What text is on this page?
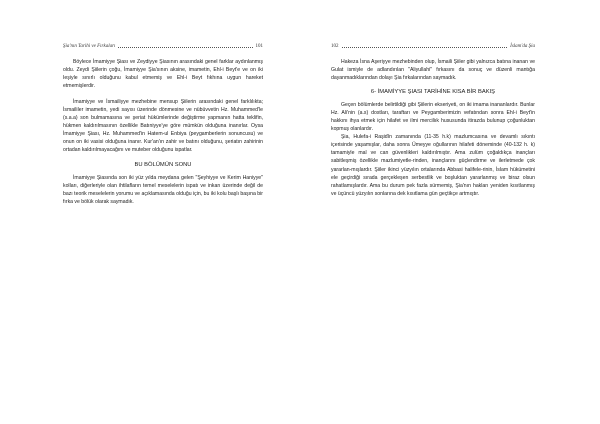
Şia'nın Tarihi ve Fırkaları	101

Böylece İmamiyye Şiası ve Zeydiyye Şiasının arasındaki genel farklar aydınlanmış oldu. Zeydi Şiilerin çoğu, İmamiyye Şia'sının aksine, imametin, Ehl-i Beyt'e ve on iki Ieşiyle sınırlı olduğunu kabul etmemiş ve Ehl-i Beyt fıkhına uygun hareket etmemişlerdir.

İmamiyye ve İsmailiyye mezhebine mensup Şiilerin arasındaki genel farklılıkta; İsmaililer imametin, yedi sayısı üzerinde dönmesine ve nübüvvetin Hz. Muhammed'le (s.a.a) son bulmamasına ve şeriat hükümlerinde değiştirme yapmanın hatta teklifin, hükmen kaldırılmasının özellikle Batıniyye'ye göre mümkün olduğuna inanırlar. Oysa İmamiyye Şiası, Hz. Muhammed'in Hatem-ul Enbiya (peygamberlerin sonuncusu) ve onun on iki vasisi olduğuna inanır. Kur'an'ın zahir ve batını olduğunu, şeriatın zahirinin ortadan kaldırılmayacağını ve muteber olduğunu ispatlar.

BU BÖLÜMÜN SONU

İmamiyye Şiasında son iki yüz yılda meydana gelen "Şeyhiyye ve Kerim Haniyye" kolları, diğerleriyle olan ihtilafların temel meselelerin ispatı ve inkarı üzerinde değil de bazı teorik meselelerin yorumu ve açıklamasında olduğu için, bu iki kolu başlı başına bir fırka ve bölük olarak saymadık.

102	İslam'da Şia

Hakeza İsna Aşeriyye mezhebinden olup, İsmaili Şiiler gibi yalnızca batına inanan ve Gulat ismiyle de adlandırılan "Aliyullahi" fırkasını da sonuç ve düzenli mantığa dayanmadıklarından dolayı Şia fırkalarından saymadık.

6- İMAMİYYE ŞIASI TARİHİNE KISA BİR BAKIŞ

Geçen bölümlerde belirtildiği gibi Şiilerin ekseriyeti, on iki imama inananlardır. Bunlar Hz. Ali'nin (a.s) dostları, taraftarı ve Peygamberimizin vefatından sonra Ehl-i Beyt'in hakkını ihya etmek için hilafet ve ilmi merciliık hususunda itirazda bulunup çoğunluktan kopmuş olanlardır.

Şia, Hulefa-i Raşidîn zamanında (11-35 h.k) mazlumcasına ve devamlı sıkıntı içerisinde yaşamışlar, daha sonra Ümeyye oğullarının hilafeti döneminde (40-132 h. k) tamamiyle mal ve can güvenlikleri kaldırılmıştır. Ama zulüm çoğaldıkça inançları sabitleşmiş özellikle mazlumiyetle-rinden, inançlarını güçlendirme ve ilerletmede çok yararlan-mışlardır. Şiiler ikinci yüzyılın ortalarında Abbasi halifele-rinin, İslam hükümetini ele geçirdiği sırada gerçekleşen serbestlik ve boşluktan yararlanmış ve biraz olsun rahatlamışlardır. Ama bu durum pek fazla sürmemiş, Şia'nın hakları yeniden kısıtlanmış ve üçüncü yüzyılın sonlarına dek kısıtlama gün geçtikçe artmıştır.
